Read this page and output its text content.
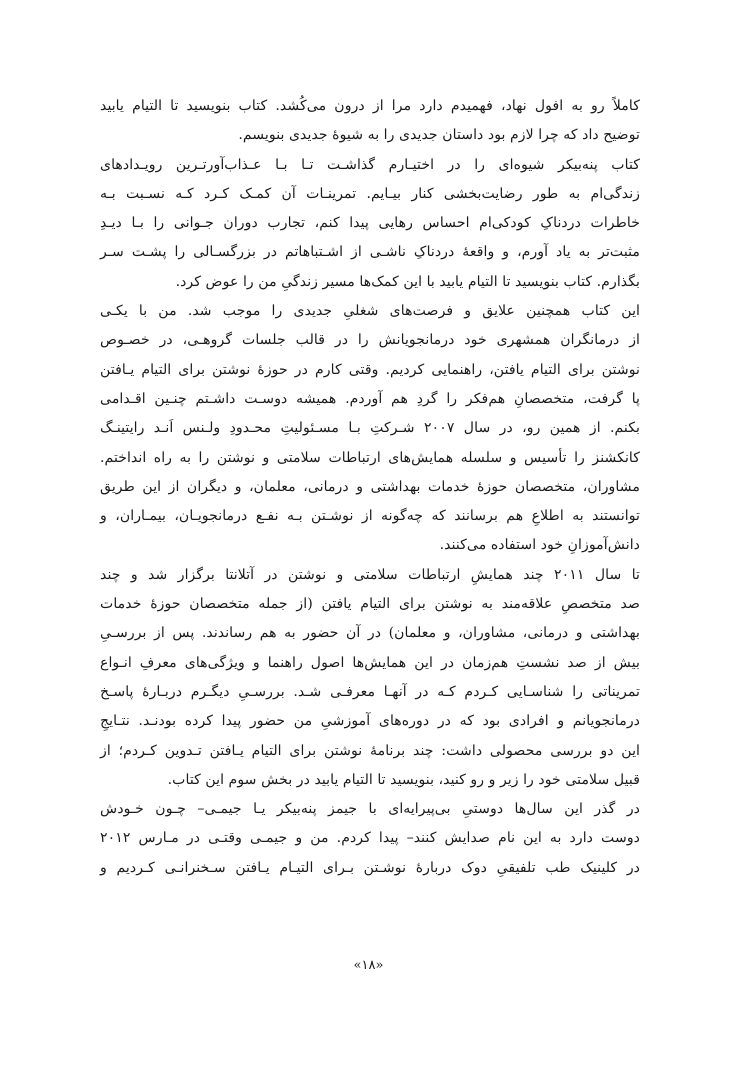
کاملاً رو به افول نهاد، فهمیدم دارد مرا از درون می‌کُشد. کتاب بنویسید تا التیام یابید
توضیح داد که چرا لازم بود داستان جدیدی را به شیوهٔ جدیدی بنویسم.
کتاب پنه‌بیکر شیوه‌ای را در اختیـارم گذاشـت تـا بـا عـذاب‌آورتـرین رویـدادهای
زندگی‌ام به طور رضایت‌بخشی کنار بیـایم. تمرینـات آن کمـک کـرد کـه نسـبت بـه
خاطرات دردناکِ کودکی‌ام احساس رهایی پیدا کنم، تجارب دوران جـوانی را بـا دیـدِ
مثبت‌تر به یاد آورم، و واقعهٔ دردناکِ ناشـی از اشـتباهاتم در بزرگسـالی را پشـت سـر
بگذارم. کتاب بنویسید تا التیام یابید با این کمک‌ها مسیر زندگیِ من را عوض کرد.
این کتاب همچنین علایق و فرصت‌های شغلیِ جدیدی را موجب شد. من با یکـی
از درمانگران همشهری خود درمانجویانش را در قالب جلسات گروهـی، در خصـوص
نوشتن برای التیام یافتن، راهنمایی کردیم. وقتی کارم در حوزهٔ نوشتن برای التیام یـافتن
پا گرفت، متخصصانِ هم‌فکر را گردِ هم آوردم. همیشه دوسـت داشـتم چنـین اقـدامی
بکنم. از همین رو، در سال ۲۰۰۷ شـرکتِ بـا مسـئولیتِ محـدودِ ولـنس اَنـد رایتینـگ
کانکشنز را تأسیس و سلسله همایش‌های ارتباطات سلامتی و نوشتن را به راه انداختم.
مشاوران، متخصصان حوزهٔ خدمات بهداشتی و درمانی، معلمان، و دیگران از این طریق
توانستند به اطلاعِ هم برسانند که چه‌گونه از نوشـتن بـه نفـع درمانجویـان، بیمـاران، و
دانش‌آموزانِ خود استفاده می‌کنند.
تا سال ۲۰۱۱ چند همایشِ ارتباطات سلامتی و نوشتن در آتلانتا برگزار شد و چند
صد متخصصِ علاقه‌مند به نوشتن برای التیام یافتن (از جمله متخصصان حوزهٔ خدمات
بهداشتی و درمانی، مشاوران، و معلمان) در آن حضور به هم رساندند. پس از بررسـیِ
بیش از صد نشستِ هم‌زمان در این همایش‌ها اصول راهنما و ویژگی‌های معرفِ انـواع
تمریناتی را شناسـایی کـردم کـه در آنهـا معرفـی شـد. بررسـیِ دیگـرم دربـارهٔ پاسـخ
درمانجویانم و افرادی بود که در دوره‌های آموزشیِ من حضور پیدا کرده بودنـد. نتـایجِ
این دو بررسی محصولی داشت: چند برنامهٔ نوشتن برای التیام یـافتن تـدوین کـردم؛ از
قبیل سلامتی خود را زیر و رو کنید، بنویسید تا التیام یابید در بخش سوم این کتاب.
در گذر این سال‌ها دوستیِ بی‌پیرایه‌ای با جیمز پنه‌بیکر یـا جیمـی– چـون خـودش
دوست دارد به این نام صدایش کنند– پیدا کردم. من و جیمـی وقتـی در مـارس ۲۰۱۲
در کلینیک طب تلفیقیِ دوک دربارهٔ نوشـتن بـرای التیـام یـافتن سـخنرانـی کـردیم و
«۱۸»
